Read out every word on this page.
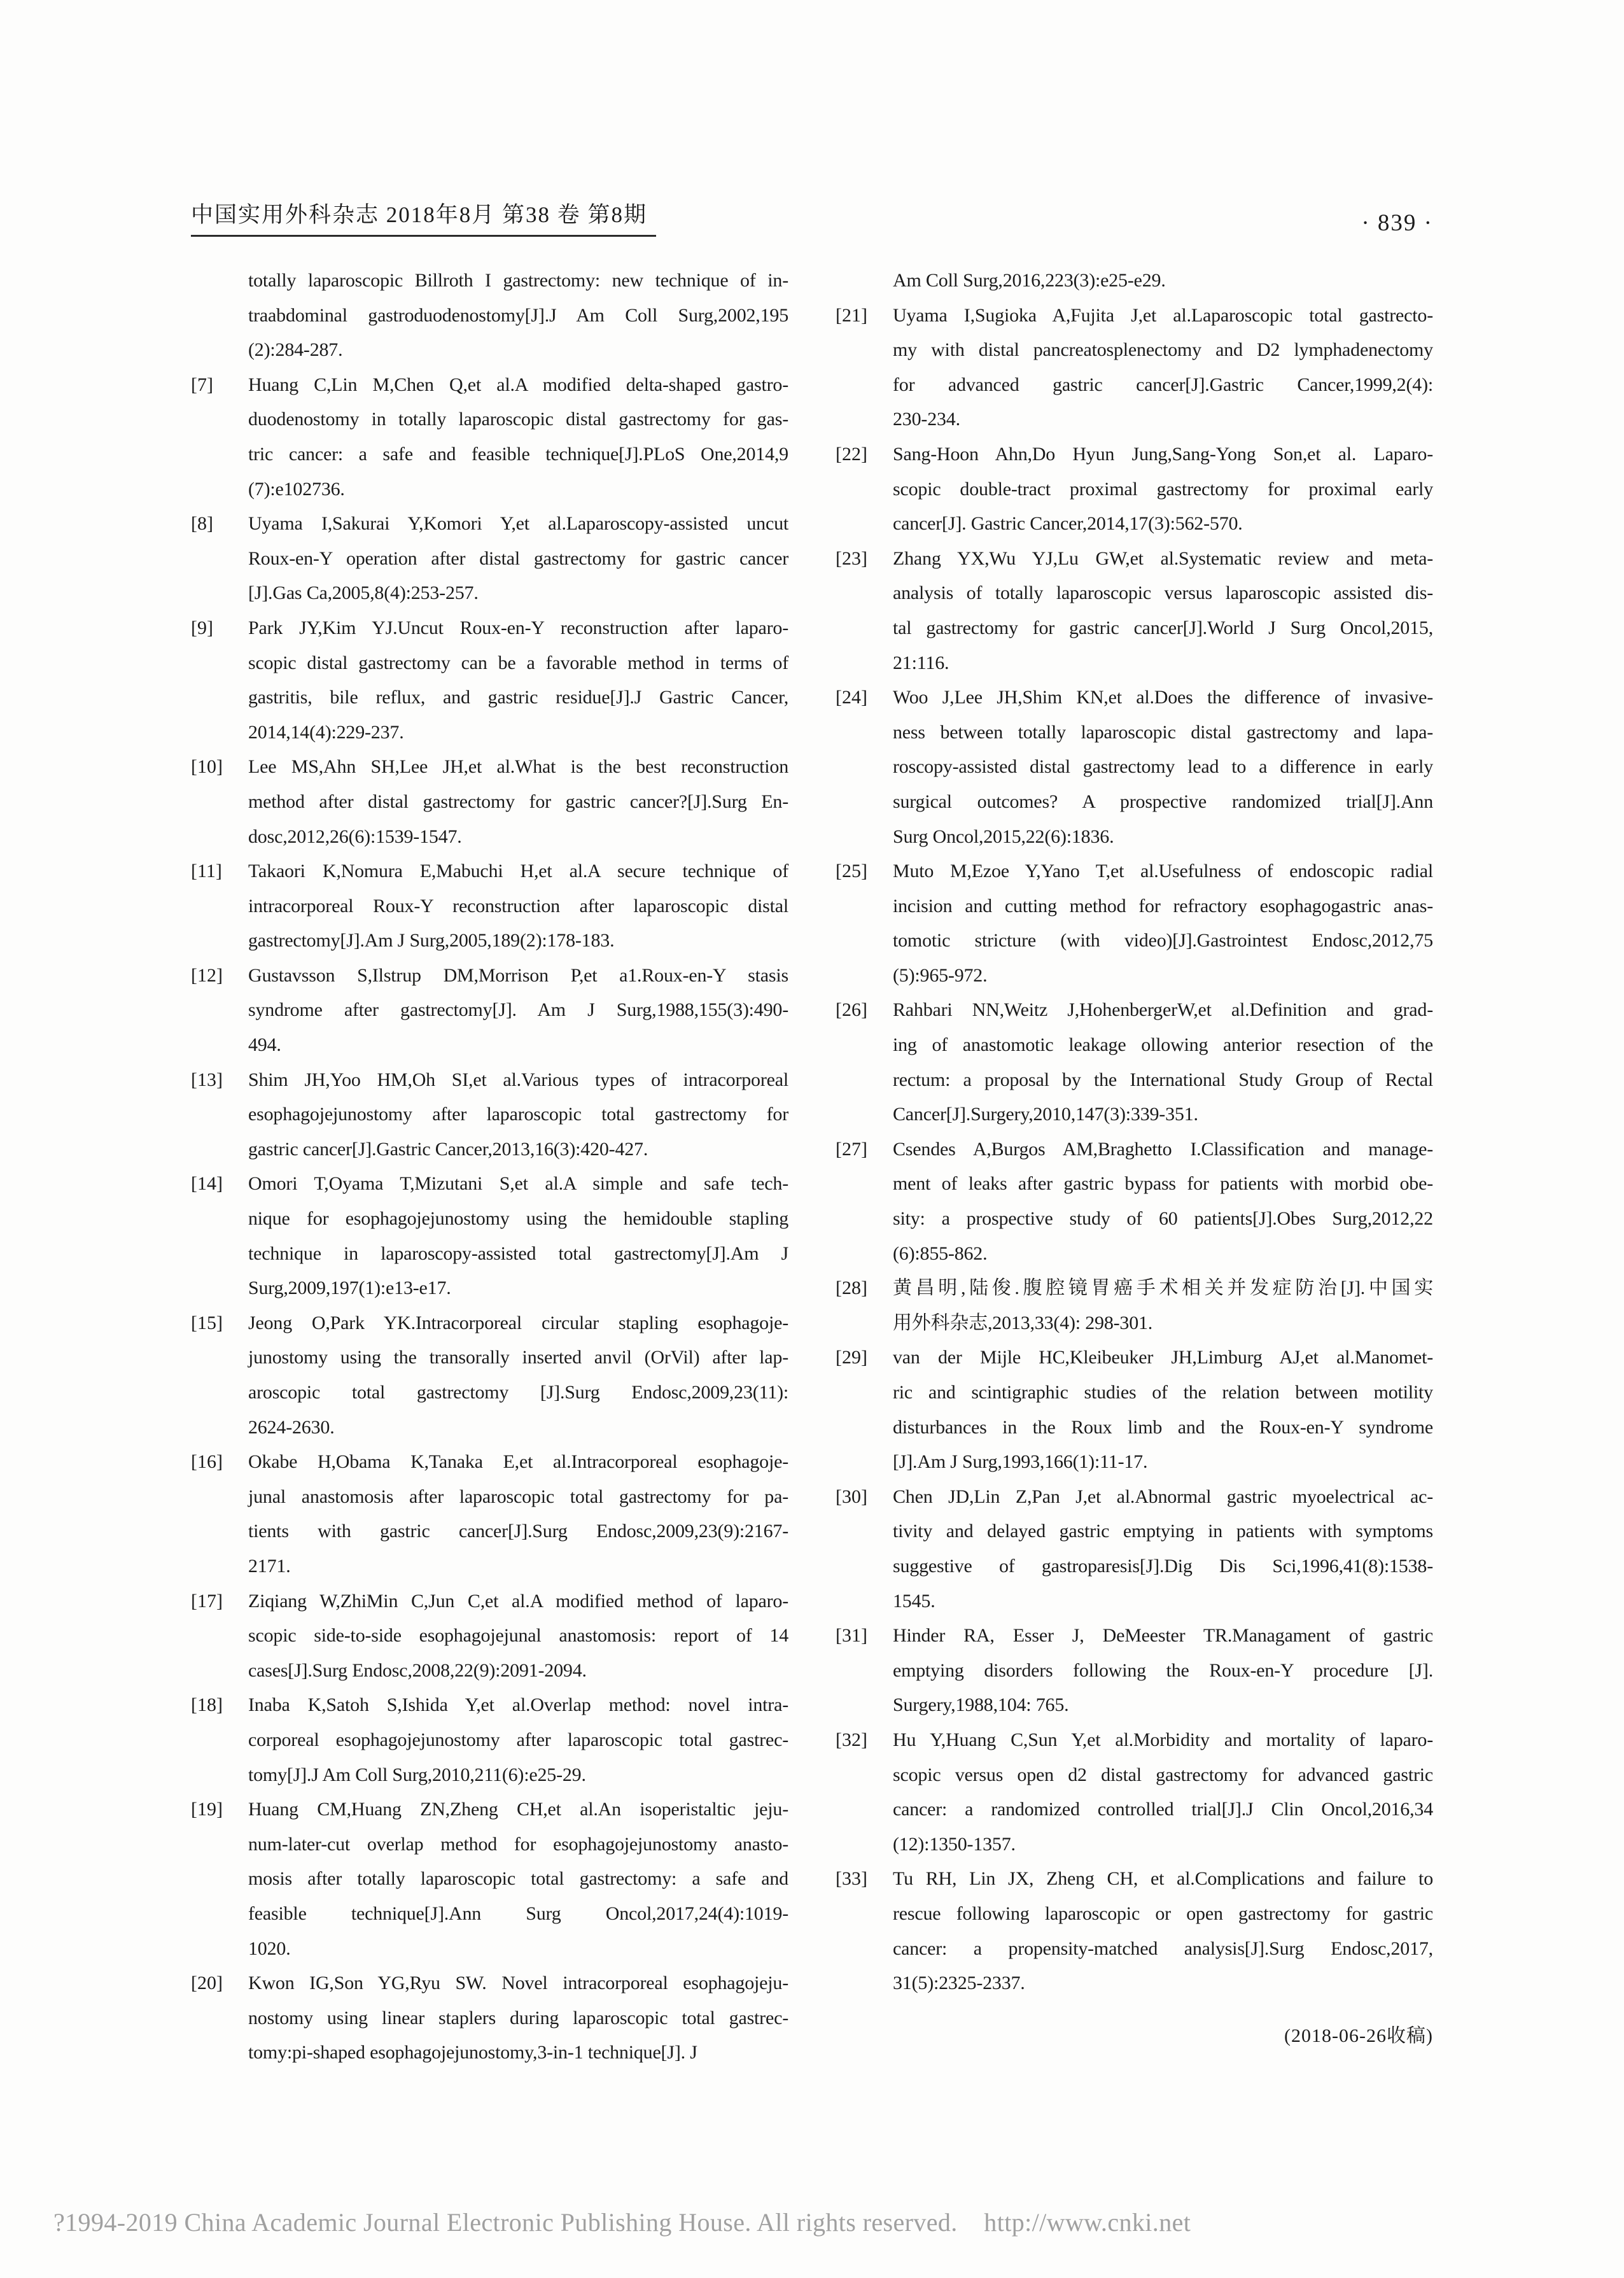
中国实用外科杂志 2018年8月 第38 卷 第8期	· 839 ·
totally laparoscopic Billroth I gastrectomy: new technique of in-
traabdominal gastroduodenostomy[J].J Am Coll Surg,2002,195
(2):284-287.
[7]	Huang C,Lin M,Chen Q,et al.A modified delta-shaped gastro-
duodenostomy in totally laparoscopic distal gastrectomy for gas-
tric cancer: a safe and feasible technique[J].PLoS One,2014,9
(7):e102736.
[8]	Uyama I,Sakurai Y,Komori Y,et al.Laparoscopy-assisted uncut
Roux-en-Y operation after distal gastrectomy for gastric cancer
[J].Gas Ca,2005,8(4):253-257.
[9]	Park JY,Kim YJ.Uncut Roux-en-Y reconstruction after laparo-
scopic distal gastrectomy can be a favorable method in terms of
gastritis, bile reflux, and gastric residue[J].J Gastric Cancer,
2014,14(4):229-237.
[10]	Lee MS,Ahn SH,Lee JH,et al.What is the best reconstruction
method after distal gastrectomy for gastric cancer?[J].Surg En-
dosc,2012,26(6):1539-1547.
[11]	Takaori K,Nomura E,Mabuchi H,et al.A secure technique of
intracorporeal Roux-Y reconstruction after laparoscopic distal
gastrectomy[J].Am J Surg,2005,189(2):178-183.
[12]	Gustavsson S,Ilstrup DM,Morrison P,et a1.Roux-en-Y stasis
syndrome after gastrectomy[J]. Am J Surg,1988,155(3):490-
494.
[13]	Shim JH,Yoo HM,Oh SI,et al.Various types of intracorporeal
esophagojejunostomy after laparoscopic total gastrectomy for
gastric cancer[J].Gastric Cancer,2013,16(3):420-427.
[14]	Omori T,Oyama T,Mizutani S,et al.A simple and safe tech-
nique for esophagojejunostomy using the hemidouble stapling
technique in laparoscopy-assisted total gastrectomy[J].Am J
Surg,2009,197(1):e13-e17.
[15]	Jeong O,Park YK.Intracorporeal circular stapling esophagoje-
junostomy using the transorally inserted anvil (OrVil) after lap-
aroscopic total gastrectomy [J].Surg Endosc,2009,23(11):
2624-2630.
[16]	Okabe H,Obama K,Tanaka E,et al.Intracorporeal esophagoje-
junal anastomosis after laparoscopic total gastrectomy for pa-
tients with gastric cancer[J].Surg Endosc,2009,23(9):2167-
2171.
[17]	Ziqiang W,ZhiMin C,Jun C,et al.A modified method of laparo-
scopic side-to-side esophagojejunal anastomosis: report of 14
cases[J].Surg Endosc,2008,22(9):2091-2094.
[18]	Inaba K,Satoh S,Ishida Y,et al.Overlap method: novel intra-
corporeal esophagojejunostomy after laparoscopic total gastrec-
tomy[J].J Am Coll Surg,2010,211(6):e25-29.
[19]	Huang CM,Huang ZN,Zheng CH,et al.An isoperistaltic jeju-
num-later-cut overlap method for esophagojejunostomy anasto-
mosis after totally laparoscopic total gastrectomy: a safe and
feasible technique[J].Ann Surg Oncol,2017,24(4):1019-
1020.
[20]	Kwon IG,Son YG,Ryu SW. Novel intracorporeal esophagojeju-
nostomy using linear staplers during laparoscopic total gastrec-
tomy:pi-shaped esophagojejunostomy,3-in-1 technique[J]. J
Am Coll Surg,2016,223(3):e25-e29.
[21]	Uyama I,Sugioka A,Fujita J,et al.Laparoscopic total gastrecto-
my with distal pancreatosplenectomy and D2 lymphadenectomy
for advanced gastric cancer[J].Gastric Cancer,1999,2(4):
230-234.
[22]	Sang-Hoon Ahn,Do Hyun Jung,Sang-Yong Son,et al. Laparo-
scopic double-tract proximal gastrectomy for proximal early
cancer[J]. Gastric Cancer,2014,17(3):562-570.
[23]	Zhang YX,Wu YJ,Lu GW,et al.Systematic review and meta-
analysis of totally laparoscopic versus laparoscopic assisted dis-
tal gastrectomy for gastric cancer[J].World J Surg Oncol,2015,
21:116.
[24]	Woo J,Lee JH,Shim KN,et al.Does the difference of invasive-
ness between totally laparoscopic distal gastrectomy and lapa-
roscopy-assisted distal gastrectomy lead to a difference in early
surgical outcomes? A prospective randomized trial[J].Ann
Surg Oncol,2015,22(6):1836.
[25]	Muto M,Ezoe Y,Yano T,et al.Usefulness of endoscopic radial
incision and cutting method for refractory esophagogastric anas-
tomotic stricture (with video)[J].Gastrointest Endosc,2012,75
(5):965-972.
[26]	Rahbari NN,Weitz J,HohenbergerW,et al.Definition and grad-
ing of anastomotic leakage ollowing anterior resection of the
rectum: a proposal by the International Study Group of Rectal
Cancer[J].Surgery,2010,147(3):339-351.
[27]	Csendes A,Burgos AM,Braghetto I.Classification and manage-
ment of leaks after gastric bypass for patients with morbid obe-
sity: a prospective study of 60 patients[J].Obes Surg,2012,22
(6):855-862.
[28]	黄昌明,陆俊.腹腔镜胃癌手术相关并发症防治[J].中国实
用外科杂志,2013,33(4): 298-301.
[29]	van der Mijle HC,Kleibeuker JH,Limburg AJ,et al.Manomet-
ric and scintigraphic studies of the relation between motility
disturbances in the Roux limb and the Roux-en-Y syndrome
[J].Am J Surg,1993,166(1):11-17.
[30]	Chen JD,Lin Z,Pan J,et al.Abnormal gastric myoelectrical ac-
tivity and delayed gastric emptying in patients with symptoms
suggestive of gastroparesis[J].Dig Dis Sci,1996,41(8):1538-
1545.
[31]	Hinder RA, Esser J, DeMeester TR.Managament of gastric
emptying disorders following the Roux-en-Y procedure [J].
Surgery,1988,104: 765.
[32]	Hu Y,Huang C,Sun Y,et al.Morbidity and mortality of laparo-
scopic versus open d2 distal gastrectomy for advanced gastric
cancer: a randomized controlled trial[J].J Clin Oncol,2016,34
(12):1350-1357.
[33]	Tu RH, Lin JX, Zheng CH, et al.Complications and failure to
rescue following laparoscopic or open gastrectomy for gastric
cancer: a propensity-matched analysis[J].Surg Endosc,2017,
31(5):2325-2337.
(2018-06-26收稿)
?1994-2019 China Academic Journal Electronic Publishing House. All rights reserved.    http://www.cnki.net
